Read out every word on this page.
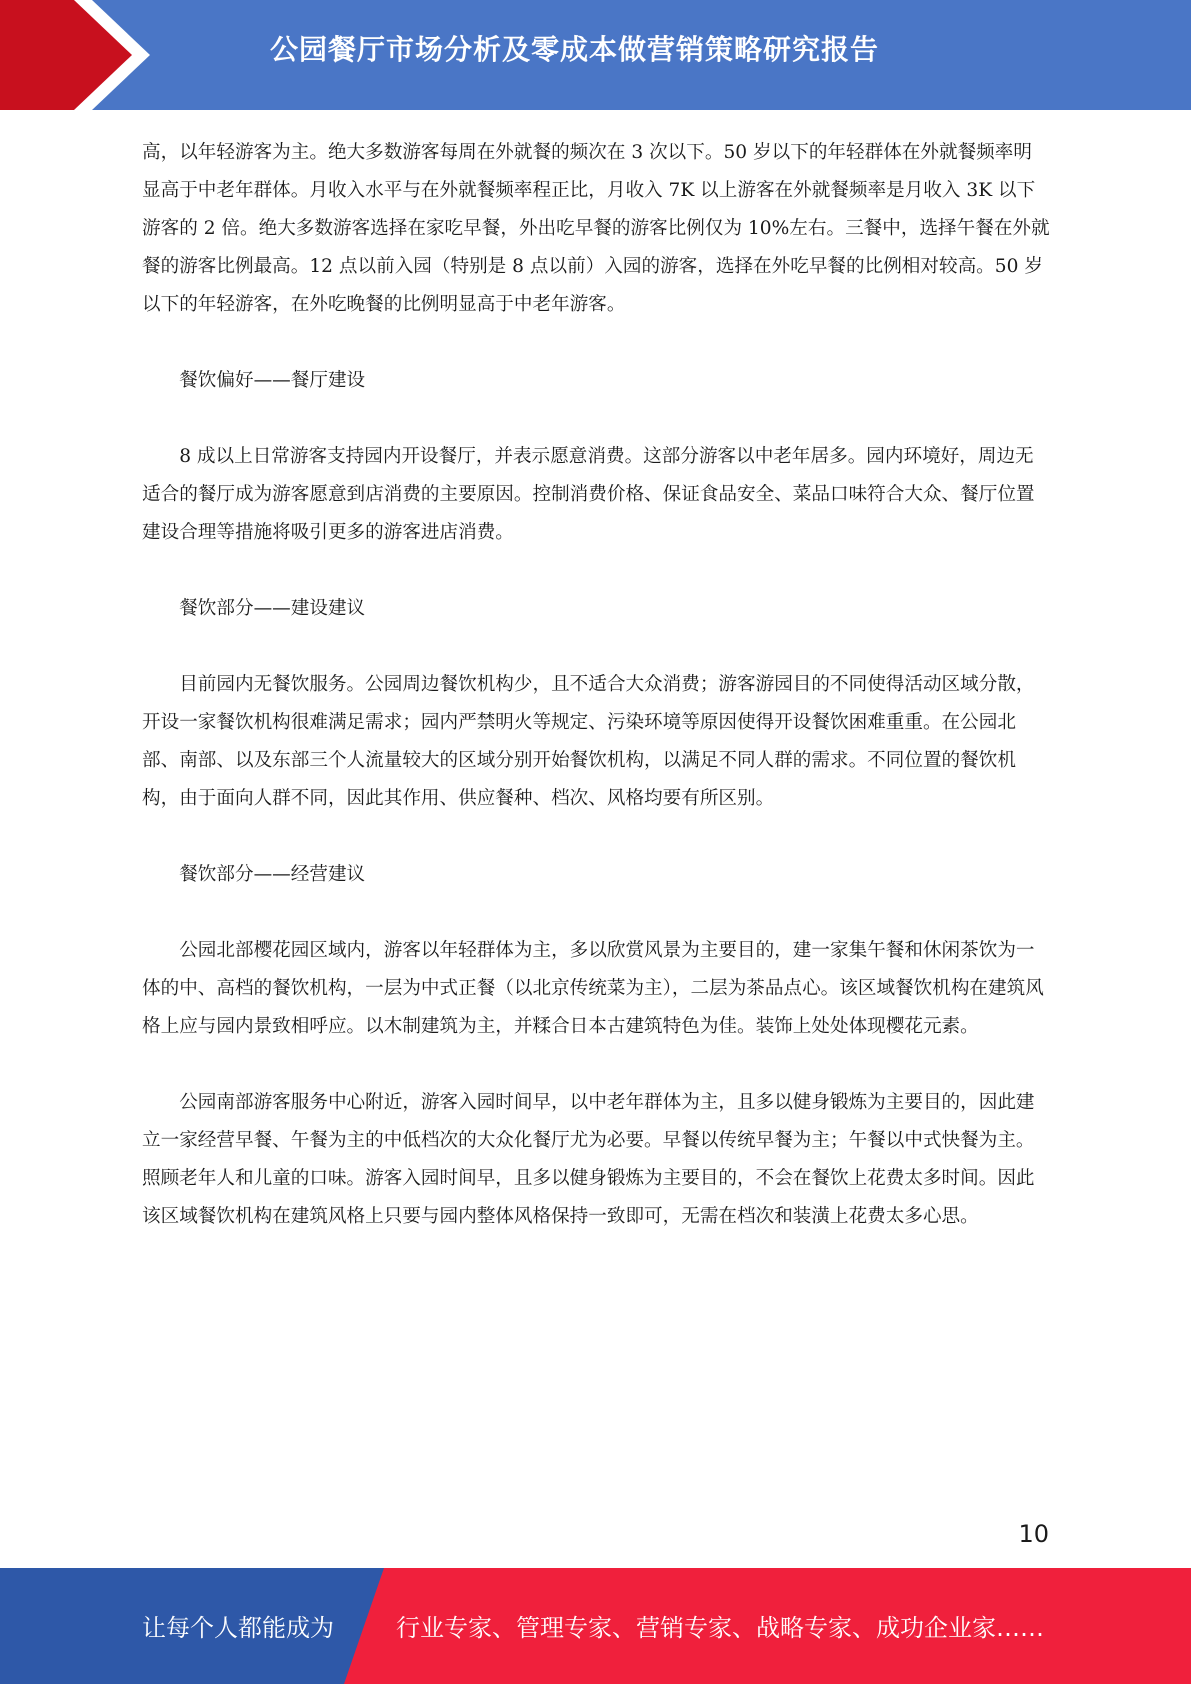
公园餐厅市场分析及零成本做营销策略研究报告

高，以年轻游客为主。绝大多数游客每周在外就餐的频次在 3 次以下。50 岁以下的年轻群体在外就餐频率明显高于中老年群体。月收入水平与在外就餐频率程正比，月收入 7K 以上游客在外就餐频率是月收入 3K 以下游客的 2 倍。绝大多数游客选择在家吃早餐，外出吃早餐的游客比例仅为 10%左右。三餐中，选择午餐在外就餐的游客比例最高。12 点以前入园（特别是 8 点以前）入园的游客，选择在外吃早餐的比例相对较高。50 岁以下的年轻游客，在外吃晚餐的比例明显高于中老年游客。

餐饮偏好——餐厅建设

8 成以上日常游客支持园内开设餐厅，并表示愿意消费。这部分游客以中老年居多。园内环境好，周边无适合的餐厅成为游客愿意到店消费的主要原因。控制消费价格、保证食品安全、菜品口味符合大众、餐厅位置建设合理等措施将吸引更多的游客进店消费。

餐饮部分——建设建议

目前园内无餐饮服务。公园周边餐饮机构少，且不适合大众消费；游客游园目的不同使得活动区域分散，开设一家餐饮机构很难满足需求；园内严禁明火等规定、污染环境等原因使得开设餐饮困难重重。在公园北部、南部、以及东部三个人流量较大的区域分别开始餐饮机构，以满足不同人群的需求。不同位置的餐饮机构，由于面向人群不同，因此其作用、供应餐种、档次、风格均要有所区别。

餐饮部分——经营建议

公园北部樱花园区域内，游客以年轻群体为主，多以欣赏风景为主要目的，建一家集午餐和休闲茶饮为一体的中、高档的餐饮机构，一层为中式正餐（以北京传统菜为主），二层为茶品点心。该区域餐饮机构在建筑风格上应与园内景致相呼应。以木制建筑为主，并糅合日本古建筑特色为佳。装饰上处处体现樱花元素。

公园南部游客服务中心附近，游客入园时间早，以中老年群体为主，且多以健身锻炼为主要目的，因此建立一家经营早餐、午餐为主的中低档次的大众化餐厅尤为必要。早餐以传统早餐为主；午餐以中式快餐为主。照顾老年人和儿童的口味。游客入园时间早，且多以健身锻炼为主要目的，不会在餐饮上花费太多时间。因此该区域餐饮机构在建筑风格上只要与园内整体风格保持一致即可，无需在档次和装潢上花费太多心思。

10
让每个人都能成为	行业专家、管理专家、营销专家、战略专家、成功企业家……
